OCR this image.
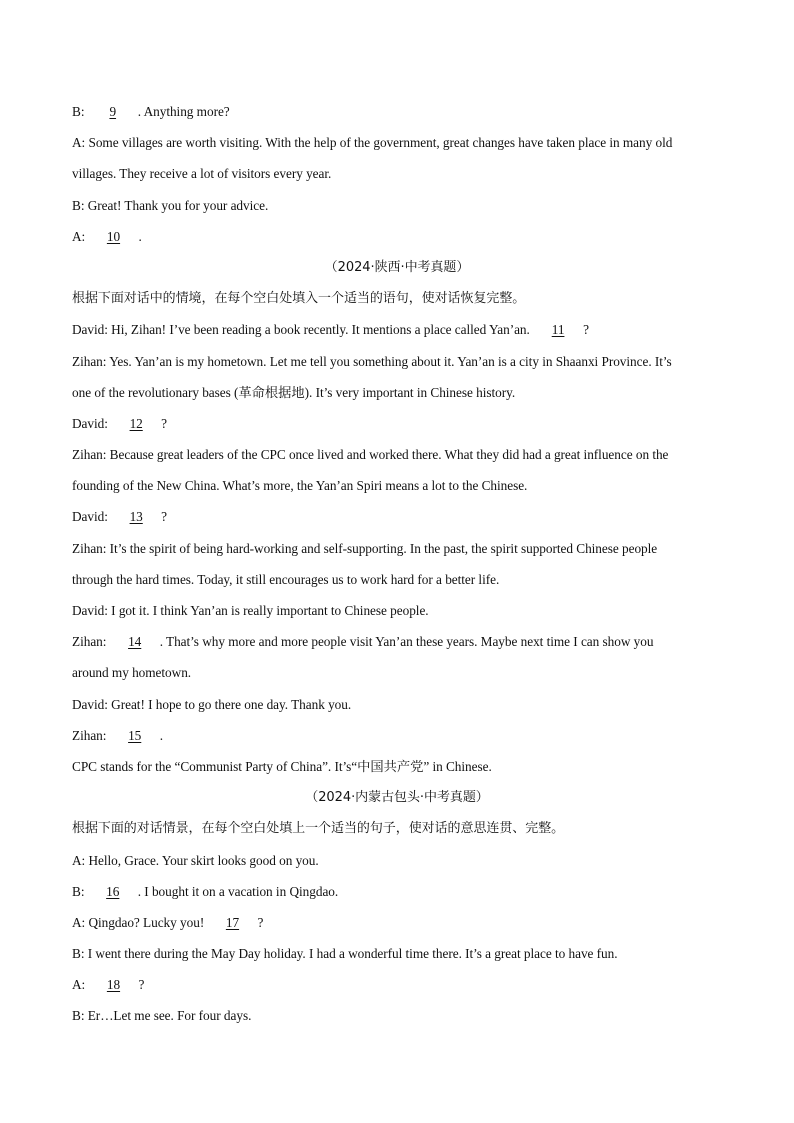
B: 9 . Anything more?
A: Some villages are worth visiting. With the help of the government, great changes have taken place in many old
villages. They receive a lot of visitors every year.
B: Great! Thank you for your advice.
A: 10 .
（2024·陕西·中考真题）
根据下面对话中的情境，在每个空白处填入一个适当的语句，使对话恢复完整。
David: Hi, Zihan! I’ve been reading a book recently. It mentions a place called Yan’an. 11 ?
Zihan: Yes. Yan’an is my hometown. Let me tell you something about it. Yan’an is a city in Shaanxi Province. It’s
one of the revolutionary bases (革命根据地). It’s very important in Chinese history.
David: 12 ?
Zihan: Because great leaders of the CPC once lived and worked there. What they did had a great influence on the
founding of the New China. What’s more, the Yan’an Spiri means a lot to the Chinese.
David: 13 ?
Zihan: It’s the spirit of being hard-working and self-supporting. In the past, the spirit supported Chinese people
through the hard times. Today, it still encourages us to work hard for a better life.
David: I got it. I think Yan’an is really important to Chinese people.
Zihan: 14 . That’s why more and more people visit Yan’an these years. Maybe next time I can show you
around my hometown.
David: Great! I hope to go there one day. Thank you.
Zihan: 15 .
CPC stands for the “Communist Party of China”. It’s“中国共产党” in Chinese.
（2024·内蒙古包头·中考真题）
根据下面的对话情景，在每个空白处填上一个适当的句子，使对话的意思连贯、完整。
A: Hello, Grace. Your skirt looks good on you.
B: 16 . I bought it on a vacation in Qingdao.
A: Qingdao? Lucky you! 17 ?
B: I went there during the May Day holiday. I had a wonderful time there. It’s a great place to have fun.
A: 18 ?
B: Er…Let me see. For four days.
